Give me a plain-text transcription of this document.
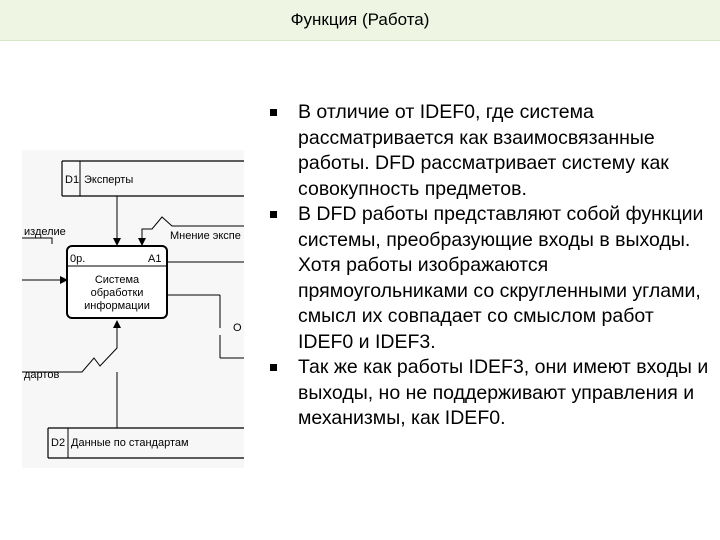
Функция (Работа)
D1 Эксперты
изделие	Мнение экспе
0р.	A1
Система
обработки
информации
О
дартов
D2 Данные по стандартам
В отличие от IDEF0, где система рассматривается как взаимосвязанные работы. DFD рассматривает систему как совокупность предметов.
В DFD работы представляют собой функции системы, преобразующие входы в выходы. Хотя работы изображаются прямоугольниками со скругленными углами, смысл их совпадает со смыслом работ IDEF0 и IDEF3.
Так же как работы IDEF3, они имеют входы и выходы, но не поддерживают управления и механизмы, как IDEF0.
